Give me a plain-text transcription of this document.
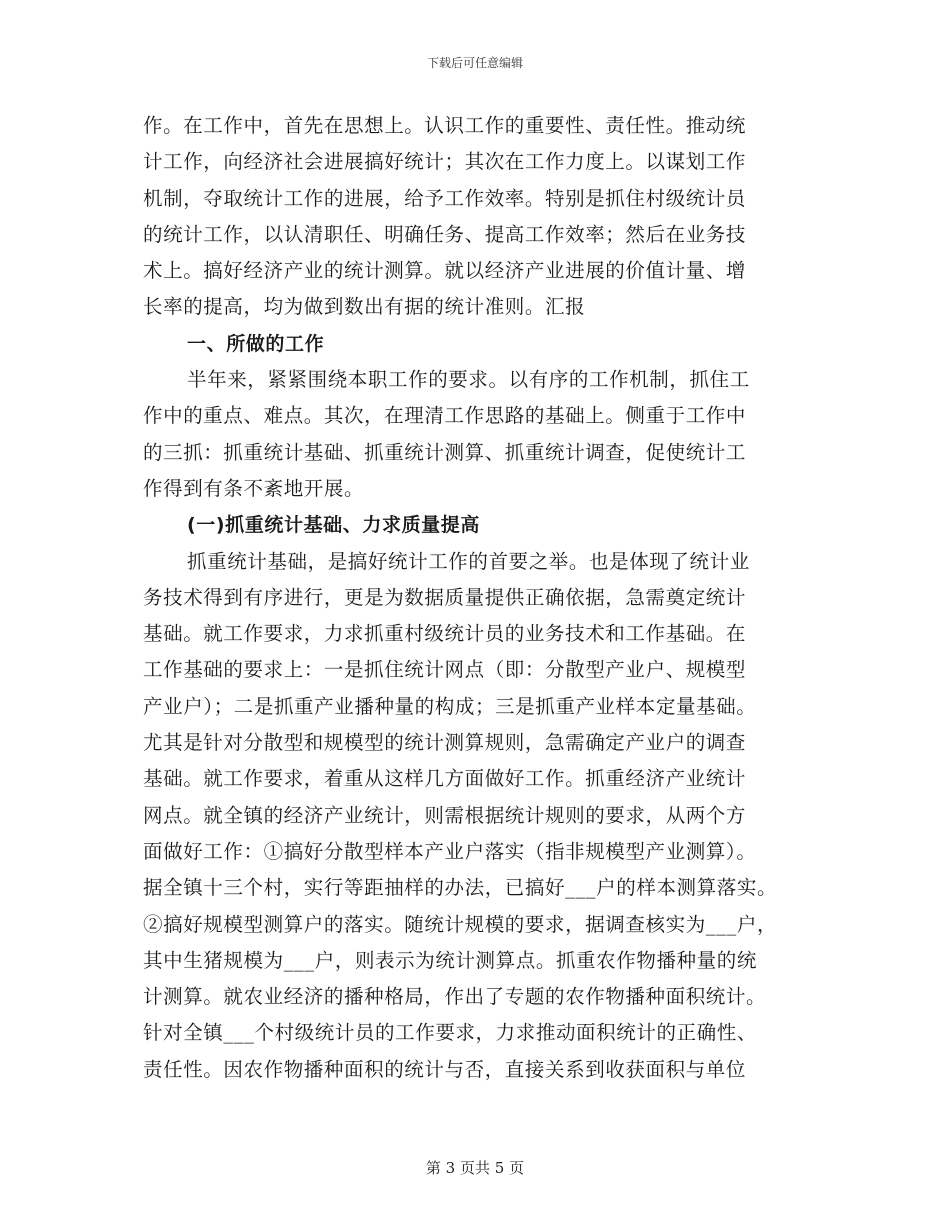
下载后可任意编辑

作。在工作中，首先在思想上。认识工作的重要性、责任性。推动统

计工作，向经济社会进展搞好统计；其次在工作力度上。以谋划工作

机制，夺取统计工作的进展，给予工作效率。特别是抓住村级统计员

的统计工作，以认清职任、明确任务、提高工作效率；然后在业务技

术上。搞好经济产业的统计测算。就以经济产业进展的价值计量、增

长率的提高，均为做到数出有据的统计准则。汇报

一、所做的工作

半年来，紧紧围绕本职工作的要求。以有序的工作机制，抓住工

作中的重点、难点。其次，在理清工作思路的基础上。侧重于工作中

的三抓：抓重统计基础、抓重统计测算、抓重统计调查，促使统计工

作得到有条不紊地开展。

(一)抓重统计基础、力求质量提高

抓重统计基础，是搞好统计工作的首要之举。也是体现了统计业

务技术得到有序进行，更是为数据质量提供正确依据，急需奠定统计

基础。就工作要求，力求抓重村级统计员的业务技术和工作基础。在

工作基础的要求上：一是抓住统计网点（即：分散型产业户、规模型

产业户）；二是抓重产业播种量的构成；三是抓重产业样本定量基础。

尤其是针对分散型和规模型的统计测算规则，急需确定产业户的调查

基础。就工作要求，着重从这样几方面做好工作。抓重经济产业统计

网点。就全镇的经济产业统计，则需根据统计规则的要求，从两个方

面做好工作：①搞好分散型样本产业户落实（指非规模型产业测算）。

据全镇十三个村，实行等距抽样的办法，已搞好___户的样本测算落实。

②搞好规模型测算户的落实。随统计规模的要求，据调查核实为___户，

其中生猪规模为___户，则表示为统计测算点。抓重农作物播种量的统

计测算。就农业经济的播种格局，作出了专题的农作物播种面积统计。

针对全镇___个村级统计员的工作要求，力求推动面积统计的正确性、

责任性。因农作物播种面积的统计与否，直接关系到收获面积与单位

第 3 页共 5 页
